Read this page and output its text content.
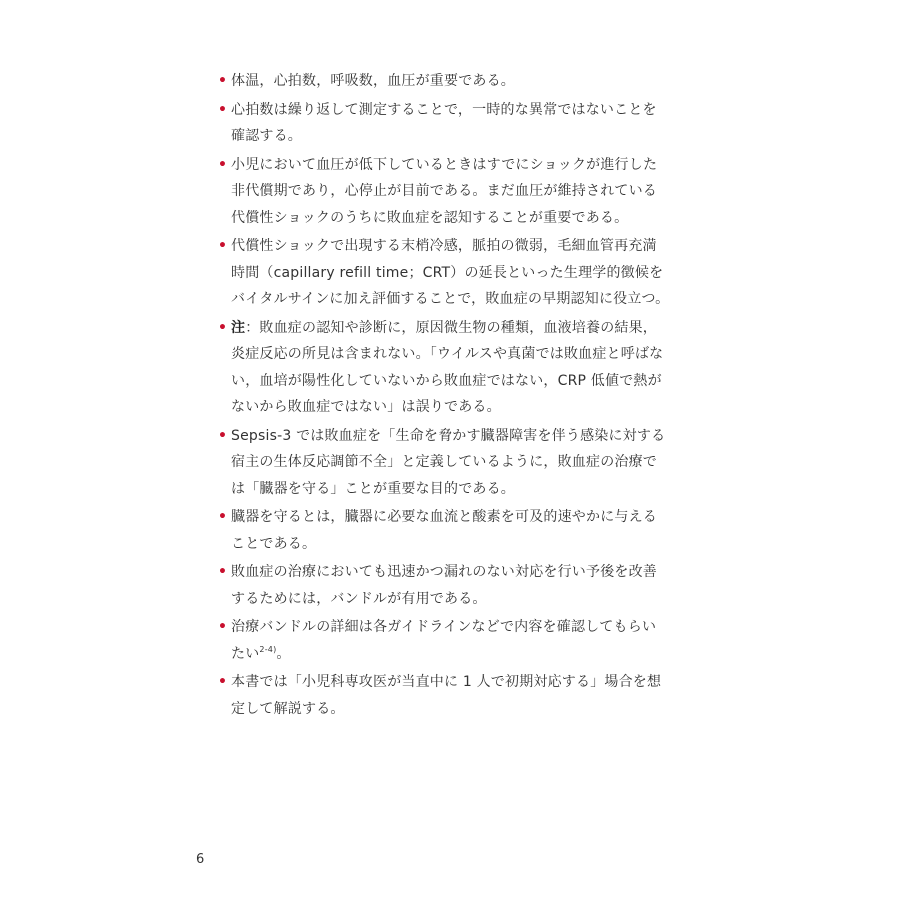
• 体温，心拍数，呼吸数，血圧が重要である。
• 心拍数は繰り返して測定することで，一時的な異常ではないことを確認する。
• 小児において血圧が低下しているときはすでにショックが進行した非代償期であり，心停止が目前である。まだ血圧が維持されている代償性ショックのうちに敗血症を認知することが重要である。
• 代償性ショックで出現する末梢冷感，脈拍の微弱，毛細血管再充満時間（capillary refill time；CRT）の延長といった生理学的徴候をバイタルサインに加え評価することで，敗血症の早期認知に役立つ。
• 注：敗血症の認知や診断に，原因微生物の種類，血液培養の結果，炎症反応の所見は含まれない。「ウイルスや真菌では敗血症と呼ばない，血培が陽性化していないから敗血症ではない，CRP 低値で熱がないから敗血症ではない」は誤りである。
• Sepsis-3 では敗血症を「生命を脅かす臓器障害を伴う感染に対する宿主の生体反応調節不全」と定義しているように，敗血症の治療では「臓器を守る」ことが重要な目的である。
• 臓器を守るとは，臓器に必要な血流と酸素を可及的速やかに与えることである。
• 敗血症の治療においても迅速かつ漏れのない対応を行い予後を改善するためには，バンドルが有用である。
• 治療バンドルの詳細は各ガイドラインなどで内容を確認してもらいたい$^{2-4)}$。
• 本書では「小児科専攻医が当直中に 1 人で初期対応する」場合を想定して解説する。
6
